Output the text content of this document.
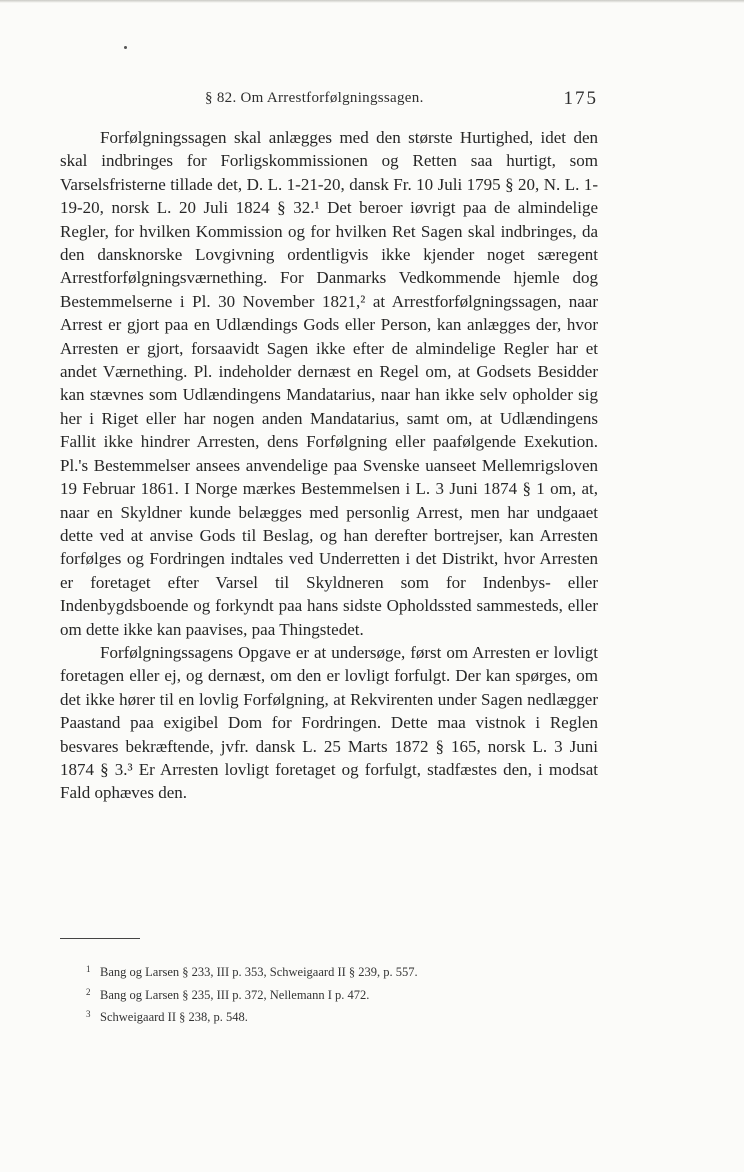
§ 82. Om Arrestforfølgningssagen.	175

Forfølgningssagen skal anlægges med den største Hurtighed, idet den skal indbringes for Forligskommissionen og Retten saa hurtigt, som Varselsfristerne tillade det, D. L. 1-21-20, dansk Fr. 10 Juli 1795 § 20, N. L. 1-19-20, norsk L. 20 Juli 1824 § 32.¹ Det beroer iøvrigt paa de almindelige Regler, for hvilken Kommission og for hvilken Ret Sagen skal indbringes, da den dansknorske Lovgivning ordentligvis ikke kjender noget særegent Arrestforfølgningsværnething. For Danmarks Vedkommende hjemle dog Bestemmelserne i Pl. 30 November 1821,² at Arrestforfølgningssagen, naar Arrest er gjort paa en Udlændings Gods eller Person, kan anlægges der, hvor Arresten er gjort, forsaavidt Sagen ikke efter de almindelige Regler har et andet Værnething. Pl. indeholder dernæst en Regel om, at Godsets Besidder kan stævnes som Udlændingens Mandatarius, naar han ikke selv opholder sig her i Riget eller har nogen anden Mandatarius, samt om, at Udlændingens Fallit ikke hindrer Arresten, dens Forfølgning eller paafølgende Exekution. Pl.'s Bestemmelser ansees anvendelige paa Svenske uanseet Mellemrigsloven 19 Februar 1861. I Norge mærkes Bestemmelsen i L. 3 Juni 1874 § 1 om, at, naar en Skyldner kunde belægges med personlig Arrest, men har undgaaet dette ved at anvise Gods til Beslag, og han derefter bortrejser, kan Arresten forfølges og Fordringen indtales ved Underretten i det Distrikt, hvor Arresten er foretaget efter Varsel til Skyldneren som for Indenbys- eller Indenbygdsboende og forkyndt paa hans sidste Opholdssted sammesteds, eller om dette ikke kan paavises, paa Thingstedet.

Forfølgningssagens Opgave er at undersøge, først om Arresten er lovligt foretagen eller ej, og dernæst, om den er lovligt forfulgt. Der kan spørges, om det ikke hører til en lovlig Forfølgning, at Rekvirenten under Sagen nedlægger Paastand paa exigibel Dom for Fordringen. Dette maa vistnok i Reglen besvares bekræftende, jvfr. dansk L. 25 Marts 1872 § 165, norsk L. 3 Juni 1874 § 3.³ Er Arresten lovligt foretaget og forfulgt, stadfæstes den, i modsat Fald ophæves den.

1 Bang og Larsen § 233, III p. 353, Schweigaard II § 239, p. 557.
2 Bang og Larsen § 235, III p. 372, Nellemann I p. 472.
3 Schweigaard II § 238, p. 548.
